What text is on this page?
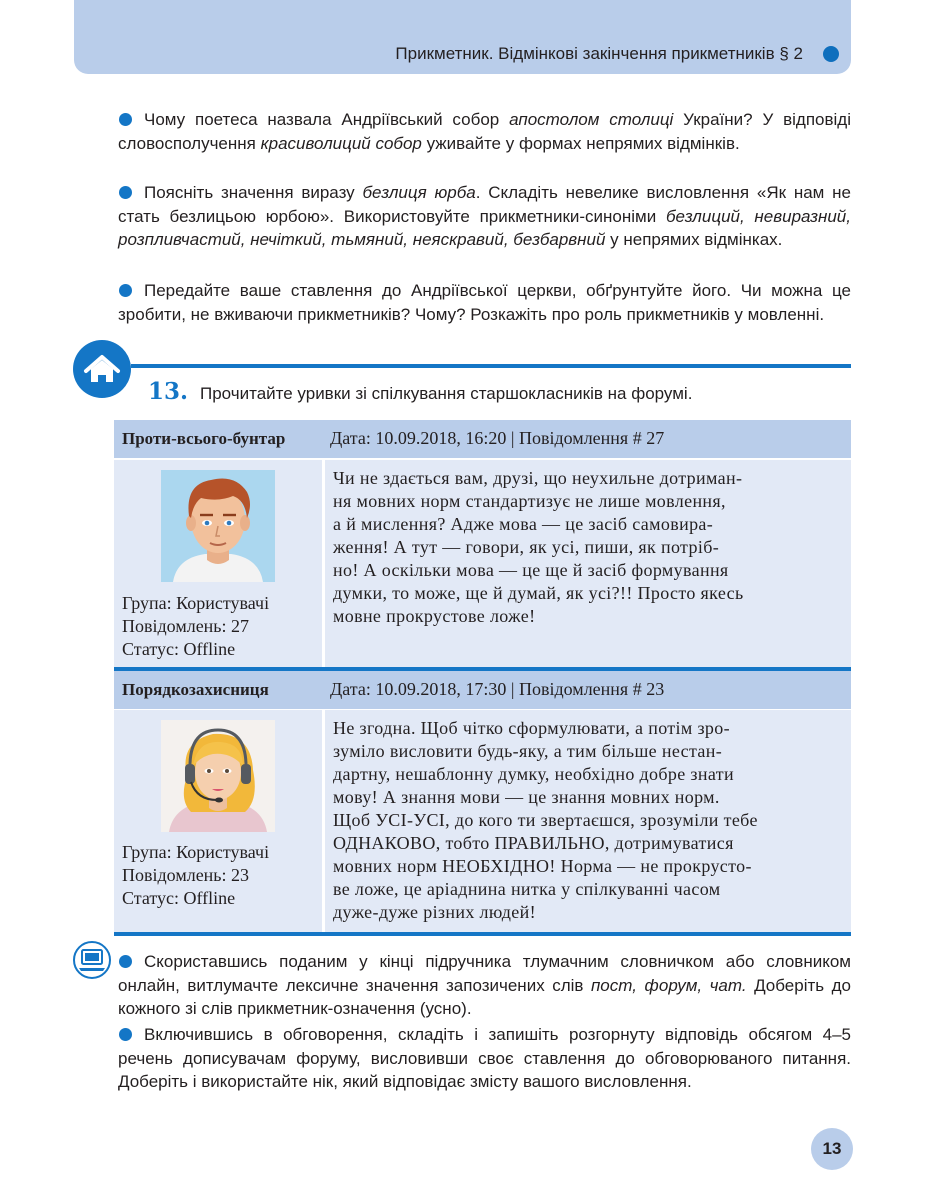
Прикметник. Відмінкові закінчення прикметників § 2
Чому поетеса назвала Андріївський собор апостолом столиці України? У відповіді словосполучення красиволиций собор уживайте у формах непрямих відмінків.
Поясніть значення виразу безлиця юрба. Складіть невелике висловлення «Як нам не стать безлицьою юрбою». Використовуйте прикметники-синоніми безлиций, невиразний, розпливчастий, нечіткий, тьмяний, неяскравий, безбарвний у непрямих відмінках.
Передайте ваше ставлення до Андріївської церкви, обґрунтуйте його. Чи можна це зробити, не вживаючи прикметників? Чому? Розкажіть про роль прикметників у мовленні.
13. Прочитайте уривки зі спілкування старшокласників на форумі.
Проти-всього-бунтар Дата: 10.09.2018, 16:20 | Повідомлення # 27
Група: Користувачі
Повідомлень: 27
Статус: Offline
Чи не здається вам, друзі, що неухильне дотриман-
ня мовних норм стандартизує не лише мовлення,
а й мислення? Адже мова — це засіб самовира-
ження! А тут — говори, як усі, пиши, як потріб-
но! А оскільки мова — це ще й засіб формування
думки, то може, ще й думай, як усі?!! Просто якесь
мовне прокрустове ложе!
Порядкозахисниця	Дата: 10.09.2018, 17:30 | Повідомлення # 23
Група: Користувачі
Повідомлень: 23
Статус: Offline
Не згодна. Щоб чітко сформулювати, а потім зро-
зуміло висловити будь-яку, а тим більше нестан-
дартну, нешаблонну думку, необхідно добре знати
мову! А знання мови — це знання мовних норм.
Щоб УСІ-УСІ, до кого ти звертаєшся, зрозуміли тебе
ОДНАКОВО, тобто ПРАВИЛЬНО, дотримуватися
мовних норм НЕОБХІДНО! Норма — не прокрусто-
ве ложе, це аріаднина нитка у спілкуванні часом
дуже-дуже різних людей!
Скориставшись поданим у кінці підручника тлумачним словничком або словником онлайн, витлумачте лексичне значення запозичених слів пост, форум, чат. Доберіть до кожного зі слів прикметник-означення (усно).
Включившись в обговорення, складіть і запишіть розгорнуту відповідь обсягом 4–5 речень дописувачам форуму, висловивши своє ставлення до обговорюваного питання. Доберіть і використайте нік, який відповідає змісту вашого висловлення.
13
